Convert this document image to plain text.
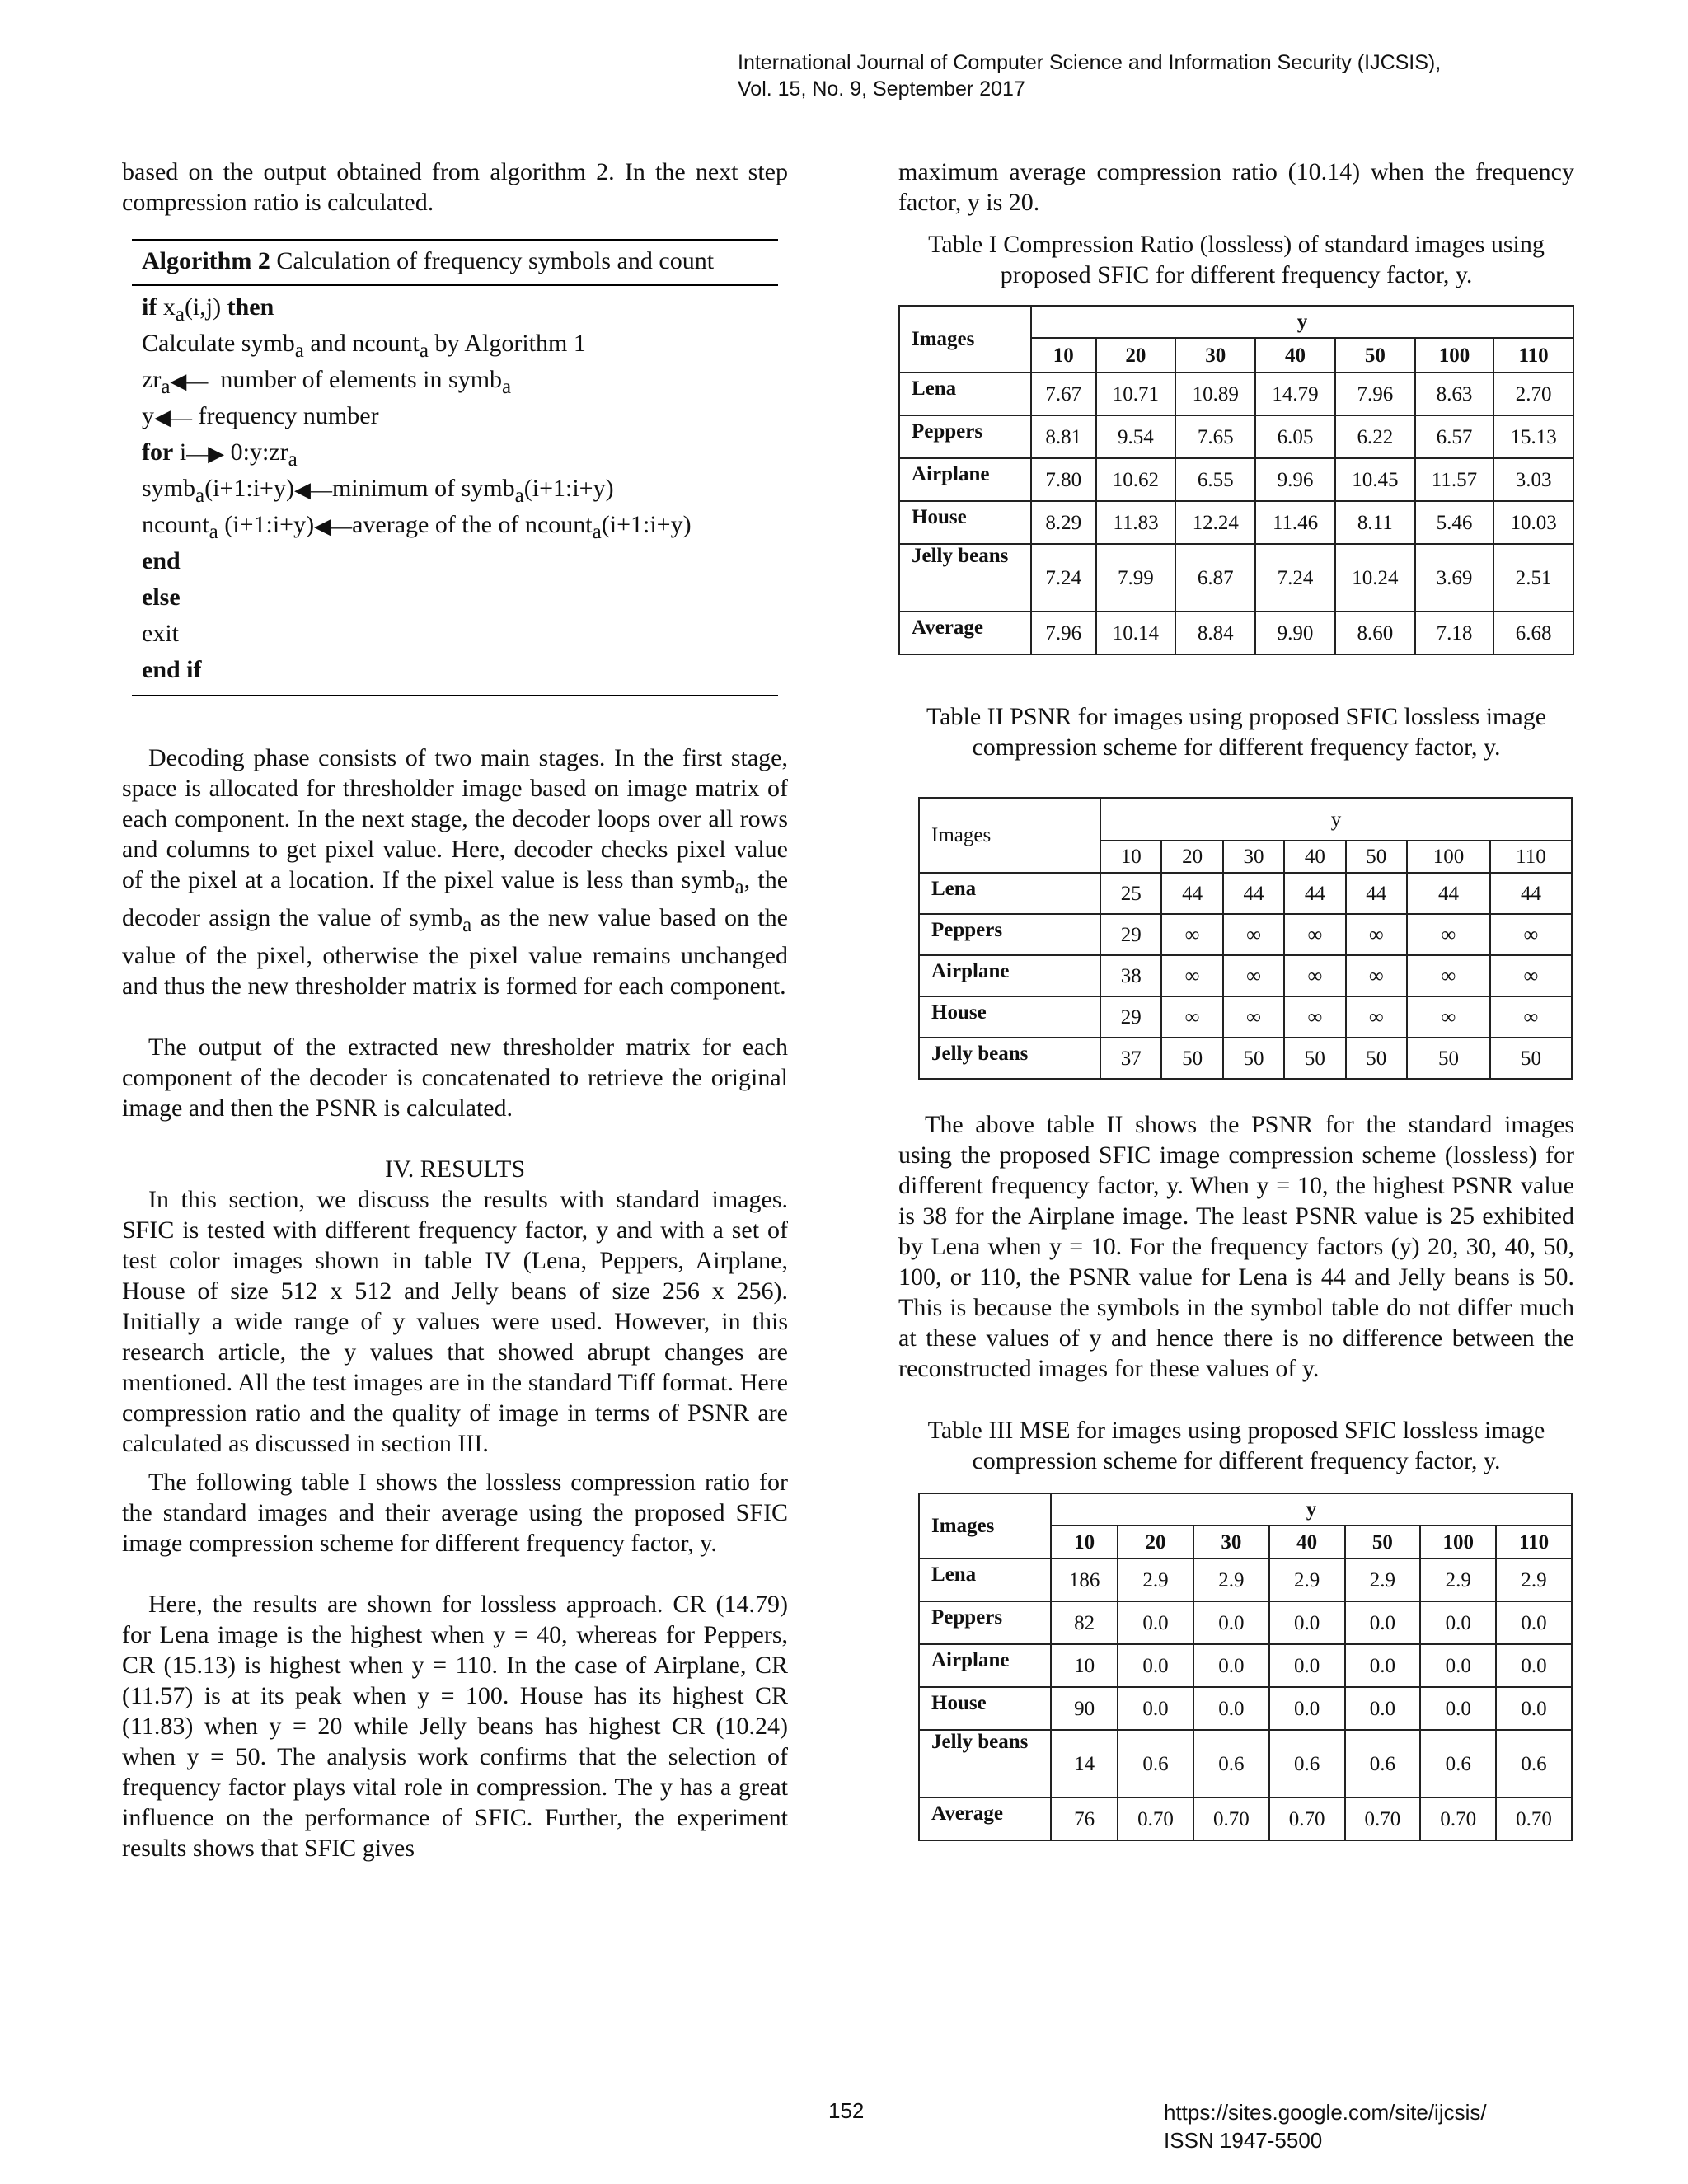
International Journal of Computer Science and Information Security (IJCSIS),
Vol. 15, No. 9, September 2017

based on the output obtained from algorithm 2. In the next step compression ratio is calculated.

Algorithm 2 Calculation of frequency symbols and count
if $x_a(i,j)$ then
Calculate symb$_a$ and ncount$_a$ by Algorithm 1
$zr_a◀—$ number of elements in symb$_a$
y◀— frequency number
for i—▶ $0:y:zr_a$
symb$_a$(i+1:i+y)◀—minimum of symb$_a$(i+1:i+y)
ncount$_a$ (i+1:i+y)◀—average of the of ncount$_a$(i+1:i+y)
end
else
exit
end if

Decoding phase consists of two main stages. In the first stage, space is allocated for thresholder image based on image matrix of each component. In the next stage, the decoder loops over all rows and columns to get pixel value. Here, decoder checks pixel value of the pixel at a location. If the pixel value is less than symb$_a$, the decoder assign the value of symb$_a$ as the new value based on the value of the pixel, otherwise the pixel value remains unchanged and thus the new thresholder matrix is formed for each component.

The output of the extracted new thresholder matrix for each component of the decoder is concatenated to retrieve the original image and then the PSNR is calculated.

IV. RESULTS

In this section, we discuss the results with standard images. SFIC is tested with different frequency factor, y and with a set of test color images shown in table IV (Lena, Peppers, Airplane, House of size 512 x 512 and Jelly beans of size 256 x 256). Initially a wide range of y values were used. However, in this research article, the y values that showed abrupt changes are mentioned. All the test images are in the standard Tiff format. Here compression ratio and the quality of image in terms of PSNR are calculated as discussed in section III.

The following table I shows the lossless compression ratio for the standard images and their average using the proposed SFIC image compression scheme for different frequency factor, y.

Here, the results are shown for lossless approach. CR (14.79) for Lena image is the highest when y = 40, whereas for Peppers, CR (15.13) is highest when y = 110. In the case of Airplane, CR (11.57) is at its peak when y = 100. House has its highest CR (11.83) when y = 20 while Jelly beans has highest CR (10.24) when y = 50. The analysis work confirms that the selection of frequency factor plays vital role in compression. The y has a great influence on the performance of SFIC. Further, the experiment results shows that SFIC gives

maximum average compression ratio (10.14) when the frequency factor, y is 20.

Table I Compression Ratio (lossless) of standard images using proposed SFIC for different frequency factor, y.

Images	y						
	10	20	30	40	50	100	110
Lena	7.67	10.71	10.89	14.79	7.96	8.63	2.70
Peppers	8.81	9.54	7.65	6.05	6.22	6.57	15.13
Airplane	7.80	10.62	6.55	9.96	10.45	11.57	3.03
House	8.29	11.83	12.24	11.46	8.11	5.46	10.03
Jelly beans	7.24	7.99	6.87	7.24	10.24	3.69	2.51
Average	7.96	10.14	8.84	9.90	8.60	7.18	6.68

Table II PSNR for images using proposed SFIC lossless image compression scheme for different frequency factor, y.

Images	y						
	10	20	30	40	50	100	110
Lena	25	44	44	44	44	44	44
Peppers	29	∞	∞	∞	∞	∞	∞
Airplane	38	∞	∞	∞	∞	∞	∞
House	29	∞	∞	∞	∞	∞	∞
Jelly beans	37	50	50	50	50	50	50

The above table II shows the PSNR for the standard images using the proposed SFIC image compression scheme (lossless) for different frequency factor, y. When y = 10, the highest PSNR value is 38 for the Airplane image. The least PSNR value is 25 exhibited by Lena when y = 10. For the frequency factors (y) 20, 30, 40, 50, 100, or 110, the PSNR value for Lena is 44 and Jelly beans is 50. This is because the symbols in the symbol table do not differ much at these values of y and hence there is no difference between the reconstructed images for these values of y.

Table III MSE for images using proposed SFIC lossless image compression scheme for different frequency factor, y.

Images	y						
	10	20	30	40	50	100	110
Lena	186	2.9	2.9	2.9	2.9	2.9	2.9
Peppers	82	0.0	0.0	0.0	0.0	0.0	0.0
Airplane	10	0.0	0.0	0.0	0.0	0.0	0.0
House	90	0.0	0.0	0.0	0.0	0.0	0.0
Jelly beans	14	0.6	0.6	0.6	0.6	0.6	0.6
Average	76	0.70	0.70	0.70	0.70	0.70	0.70
152	https://sites.google.com/site/ijcsis/
ISSN 1947-5500
